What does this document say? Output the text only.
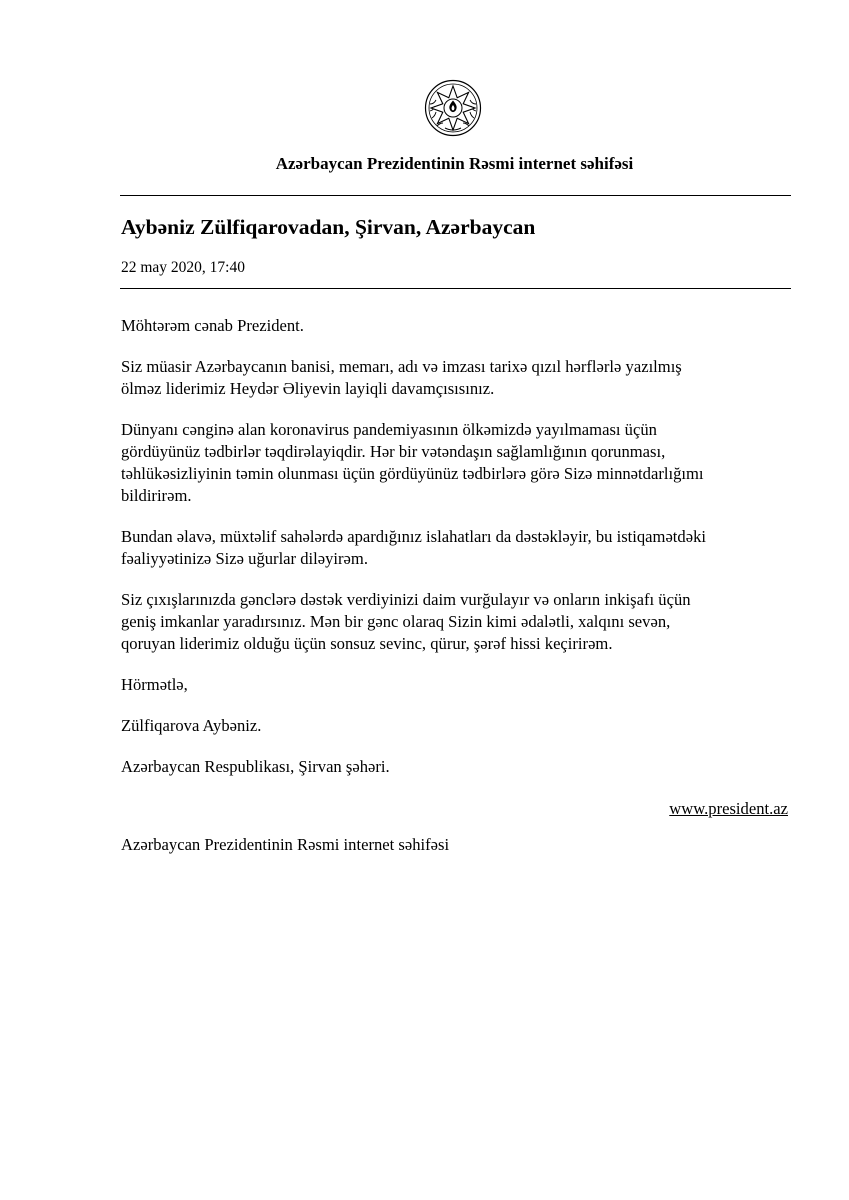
Azərbaycan Prezidentinin Rəsmi internet səhifəsi
Aybəniz Zülfiqarovadan, Şirvan, Azərbaycan
22 may 2020, 17:40

Möhtərəm cənab Prezident.

Siz müasir Azərbaycanın banisi, memarı, adı və imzası tarixə qızıl hərflərlə yazılmış
ölməz liderimiz Heydər Əliyevin layiqli davamçısısınız.

Dünyanı cənginə alan koronavirus pandemiyasının ölkəmizdə yayılmaması üçün
gördüyünüz tədbirlər təqdirəlayiqdir. Hər bir vətəndaşın sağlamlığının qorunması,
təhlükəsizliyinin təmin olunması üçün gördüyünüz tədbirlərə görə Sizə minnətdarlığımı
bildirirəm.

Bundan əlavə, müxtəlif sahələrdə apardığınız islahatları da dəstəkləyir, bu istiqamətdəki
fəaliyyətinizə Sizə uğurlar diləyirəm.

Siz çıxışlarınızda gənclərə dəstək verdiyinizi daim vurğulayır və onların inkişafı üçün
geniş imkanlar yaradırsınız. Mən bir gənc olaraq Sizin kimi ədalətli, xalqını sevən,
qoruyan liderimiz olduğu üçün sonsuz sevinc, qürur, şərəf hissi keçirirəm.

Hörmətlə,

Zülfiqarova Aybəniz.

Azərbaycan Respublikası, Şirvan şəhəri.

www.president.az
Azərbaycan Prezidentinin Rəsmi internet səhifəsi
